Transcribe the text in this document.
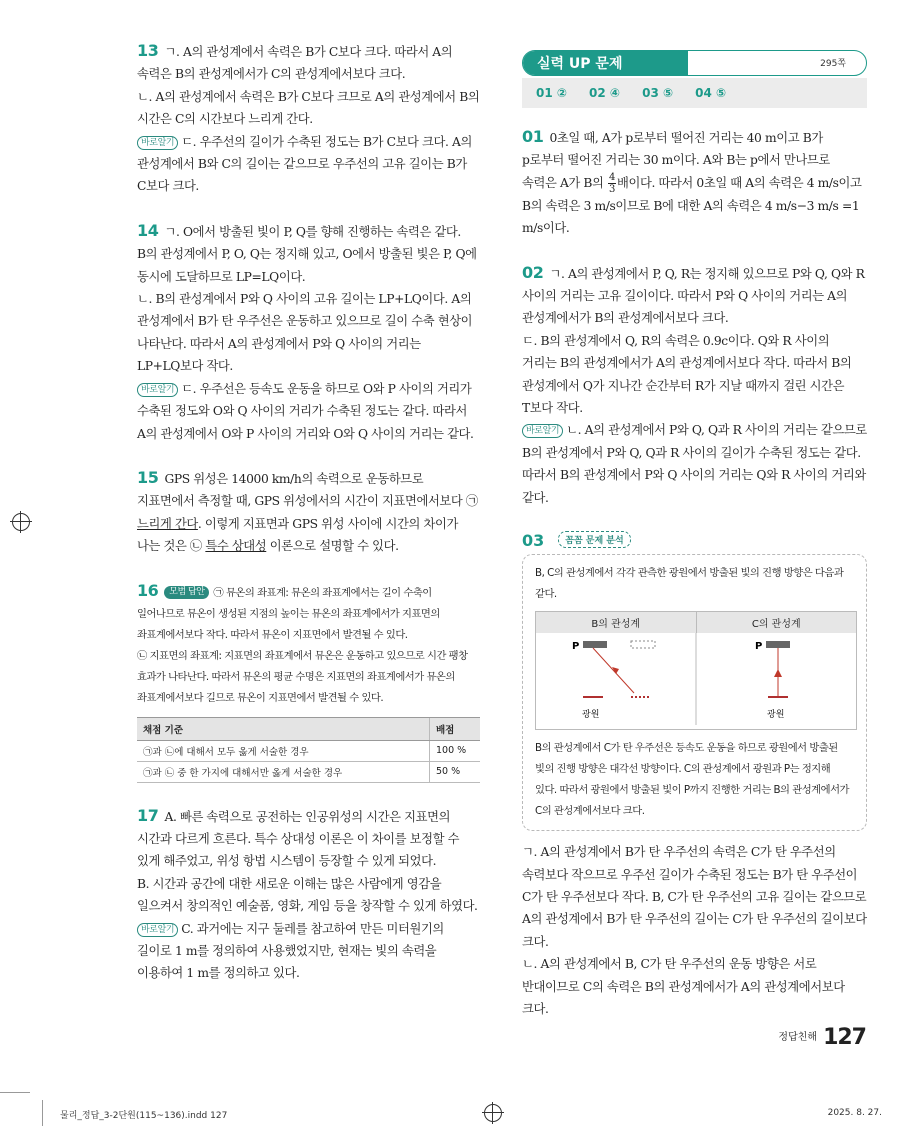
13 ㄱ. A의 관성계에서 속력은 B가 C보다 크다. 따라서 A의 속력은 B의 관성계에서가 C의 관성계에서보다 크다.

ㄴ. A의 관성계에서 속력은 B가 C보다 크므로 A의 관성계에서 B의 시간은 C의 시간보다 느리게 간다.

바로알기 ㄷ. 우주선의 길이가 수축된 정도는 B가 C보다 크다. A의 관성계에서 B와 C의 길이는 같으므로 우주선의 고유 길이는 B가 C보다 크다.

14 ㄱ. O에서 방출된 빛이 P, Q를 향해 진행하는 속력은 같다. B의 관성계에서 P, O, Q는 정지해 있고, O에서 방출된 빛은 P, Q에 동시에 도달하므로 LP=LQ이다.

ㄴ. B의 관성계에서 P와 Q 사이의 고유 길이는 LP+LQ이다. A의 관성계에서 B가 탄 우주선은 운동하고 있으므로 길이 수축 현상이 나타난다. 따라서 A의 관성계에서 P와 Q 사이의 거리는 LP+LQ보다 작다.

바로알기 ㄷ. 우주선은 등속도 운동을 하므로 O와 P 사이의 거리가 수축된 정도와 O와 Q 사이의 거리가 수축된 정도는 같다. 따라서 A의 관성계에서 O와 P 사이의 거리와 O와 Q 사이의 거리는 같다.

15 GPS 위성은 14000 km/h의 속력으로 운동하므로 지표면에서 측정할 때, GPS 위성에서의 시간이 지표면에서보다 ㉠ 느리게 간다. 이렇게 지표면과 GPS 위성 사이에 시간의 차이가 나는 것은 ㉡ 특수 상대성 이론으로 설명할 수 있다.

16 모범 답안 ㉠ 뮤온의 좌표계: 뮤온의 좌표계에서는 길이 수축이 일어나므로 뮤온이 생성된 지점의 높이는 뮤온의 좌표계에서가 지표면의 좌표계에서보다 작다. 따라서 뮤온이 지표면에서 발견될 수 있다.

㉡ 지표면의 좌표계: 지표면의 좌표계에서 뮤온은 운동하고 있으므로 시간 팽창 효과가 나타난다. 따라서 뮤온의 평균 수명은 지표면의 좌표계에서가 뮤온의 좌표계에서보다 길므로 뮤온이 지표면에서 발견될 수 있다.

채점 기준	배점
㉠과 ㉡에 대해서 모두 옳게 서술한 경우	100 %
㉠과 ㉡ 중 한 가지에 대해서만 옳게 서술한 경우	50 %

17 A. 빠른 속력으로 공전하는 인공위성의 시간은 지표면의 시간과 다르게 흐른다. 특수 상대성 이론은 이 차이를 보정할 수 있게 해주었고, 위성 항법 시스템이 등장할 수 있게 되었다.

B. 시간과 공간에 대한 새로운 이해는 많은 사람에게 영감을 일으켜서 창의적인 예술품, 영화, 게임 등을 창작할 수 있게 하였다.

바로알기 C. 과거에는 지구 둘레를 참고하여 만든 미터원기의 길이로 1 m를 정의하여 사용했었지만, 현재는 빛의 속력을 이용하여 1 m를 정의하고 있다.

실력 UP 문제	295쪽
01 ② 02 ④ 03 ⑤ 04 ⑤

01 0초일 때, A가 p로부터 떨어진 거리는 40 m이고 B가 p로부터 떨어진 거리는 30 m이다. A와 B는 p에서 만나므로 속력은 A가 B의 $\frac{4}{3}$ 배이다. 따라서 0초일 때 A의 속력은 4 m/s이고 B의 속력은 3 m/s이므로 B에 대한 A의 속력은 4 m/s−3 m/s =1 m/s이다.

02 ㄱ. A의 관성계에서 P, Q, R는 정지해 있으므로 P와 Q, Q와 R 사이의 거리는 고유 길이이다. 따라서 P와 Q 사이의 거리는 A의 관성계에서가 B의 관성계에서보다 크다.

ㄷ. B의 관성계에서 Q, R의 속력은 0.9c이다. Q와 R 사이의 거리는 B의 관성계에서가 A의 관성계에서보다 작다. 따라서 B의 관성계에서 Q가 지나간 순간부터 R가 지날 때까지 걸린 시간은 T보다 작다.

바로알기 ㄴ. A의 관성계에서 P와 Q, Q과 R 사이의 거리는 같으므로 B의 관성계에서 P와 Q, Q과 R 사이의 길이가 수축된 정도는 같다. 따라서 B의 관성계에서 P와 Q 사이의 거리는 Q와 R 사이의 거리와 같다.

03 꼼꼼 문제 분석

B, C의 관성계에서 각각 관측한 광원에서 방출된 빛의 진행 방향은 다음과 같다.

B의 관성계	C의 관성계
P
광원
P
광원

B의 관성계에서 C가 탄 우주선은 등속도 운동을 하므로 광원에서 방출된 빛의 진행 방향은 대각선 방향이다. C의 관성계에서 광원과 P는 정지해 있다. 따라서 광원에서 방출된 빛이 P까지 진행한 거리는 B의 관성계에서가 C의 관성계에서보다 크다.

ㄱ. A의 관성계에서 B가 탄 우주선의 속력은 C가 탄 우주선의 속력보다 작으므로 우주선 길이가 수축된 정도는 B가 탄 우주선이 C가 탄 우주선보다 작다. B, C가 탄 우주선의 고유 길이는 같으므로 A의 관성계에서 B가 탄 우주선의 길이는 C가 탄 우주선의 길이보다 크다.

ㄴ. A의 관성계에서 B, C가 탄 우주선의 운동 방향은 서로 반대이므로 C의 속력은 B의 관성계에서가 A의 관성계에서보다 크다.

$^{정답친해}$ 127
물리_정답_3-2단원(115~136).indd 127	2025. 8. 27.
